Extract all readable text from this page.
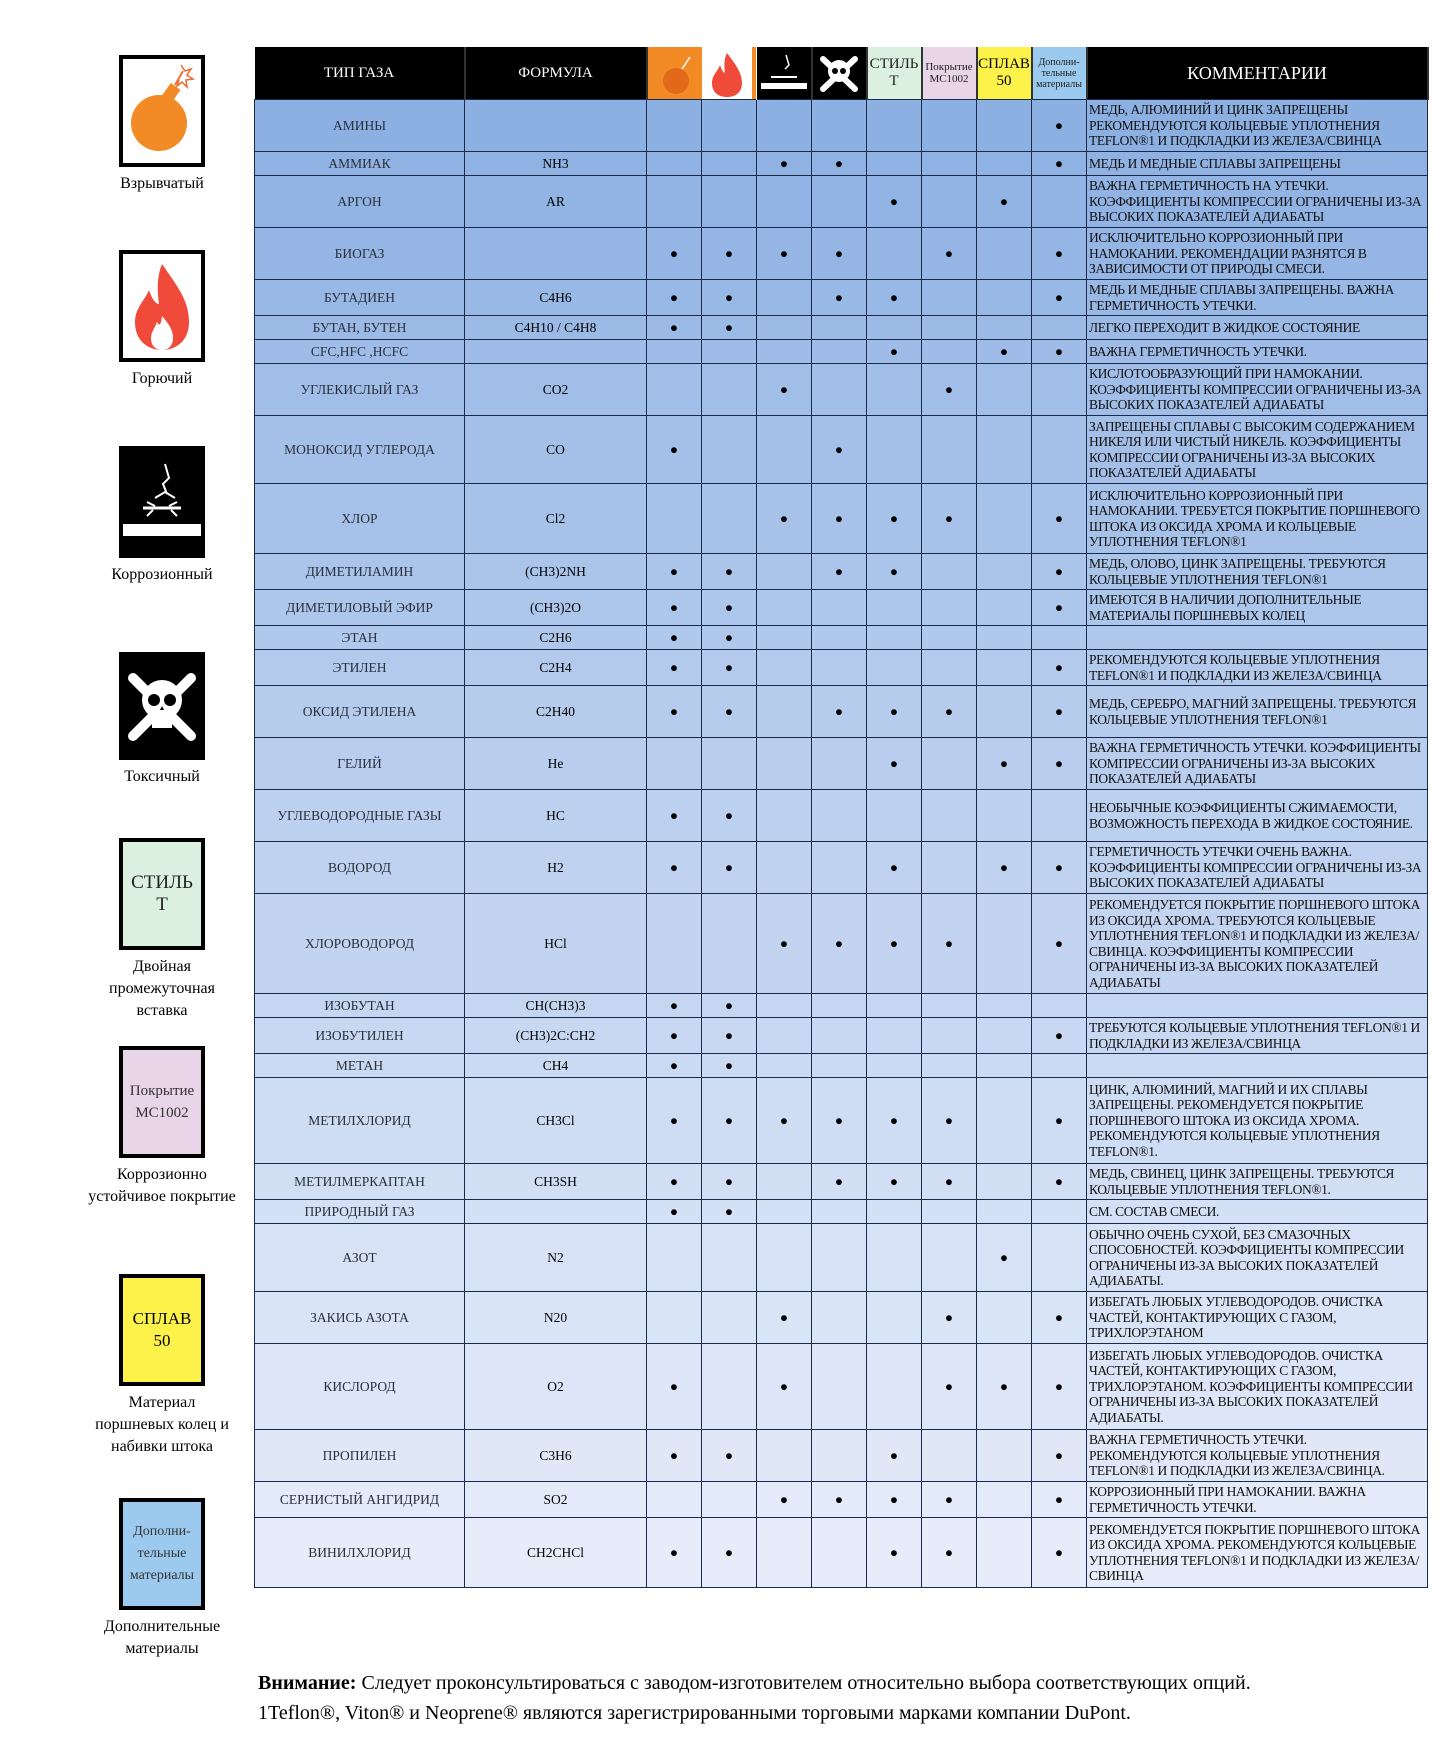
Взрывчатый
Горючий
Коррозионный
Токсичный
СТИЛЬ Т
Двойная промежуточная вставка
Покрытие МС1002
Коррозионно устойчивое покрытие
СПЛАВ 50
Материал поршневых колец и набивки штока
Дополни-тельные материалы
Дополнительные материалы
ТИП ГАЗА	ФОРМУЛА					СТИЛЬ Т	Покрытие МС1002	СПЛАВ 50	Дополни-тельные материалы	КОММЕНТАРИИ
АМИНЫ									●	МЕДЬ, АЛЮМИНИЙ И ЦИНК ЗАПРЕЩЕНЫ РЕКОМЕНДУЮТСЯ КОЛЬЦЕВЫЕ УПЛОТНЕНИЯ TEFLON®1 И ПОДКЛАДКИ ИЗ ЖЕЛЕЗА/СВИНЦА
АММИАК	NH3			●	●				●	МЕДЬ И МЕДНЫЕ СПЛАВЫ ЗАПРЕЩЕНЫ
АРГОН	AR					●		●		ВАЖНА ГЕРМЕТИЧНОСТЬ НА УТЕЧКИ. КОЭФФИЦИЕНТЫ КОМПРЕССИИ ОГРАНИЧЕНЫ ИЗ-ЗА ВЫСОКИХ ПОКАЗАТЕЛЕЙ АДИАБАТЫ
БИОГАЗ		●	●	●	●		●		●	ИСКЛЮЧИТЕЛЬНО КОРРОЗИОННЫЙ ПРИ НАМОКАНИИ. РЕКОМЕНДАЦИИ РАЗНЯТСЯ В ЗАВИСИМОСТИ ОТ ПРИРОДЫ СМЕСИ.
БУТАДИЕН	C4H6	●	●		●	●			●	МЕДЬ И МЕДНЫЕ СПЛАВЫ ЗАПРЕЩЕНЫ. ВАЖНА ГЕРМЕТИЧНОСТЬ УТЕЧКИ.
БУТАН, БУТЕН	C4H10 / C4H8	●	●							ЛЕГКО ПЕРЕХОДИТ В ЖИДКОЕ СОСТОЯНИЕ
CFC,HFC ,HCFC						●		●	●	ВАЖНА ГЕРМЕТИЧНОСТЬ УТЕЧКИ.
УГЛЕКИСЛЫЙ ГАЗ	CO2			●			●			КИСЛОТООБРАЗУЮЩИЙ ПРИ НАМОКАНИИ. КОЭФФИЦИЕНТЫ КОМПРЕССИИ ОГРАНИЧЕНЫ ИЗ-ЗА ВЫСОКИХ ПОКАЗАТЕЛЕЙ АДИАБАТЫ
МОНОКСИД УГЛЕРОДА	CO	●			●					ЗАПРЕЩЕНЫ СПЛАВЫ С ВЫСОКИМ СОДЕРЖАНИЕМ НИКЕЛЯ ИЛИ ЧИСТЫЙ НИКЕЛЬ. КОЭФФИЦИЕНТЫ КОМПРЕССИИ ОГРАНИЧЕНЫ ИЗ-ЗА ВЫСОКИХ ПОКАЗАТЕЛЕЙ АДИАБАТЫ
ХЛОР	Cl2			●	●	●	●		●	ИСКЛЮЧИТЕЛЬНО КОРРОЗИОННЫЙ ПРИ НАМОКАНИИ. ТРЕБУЕТСЯ ПОКРЫТИЕ ПОРШНЕВОГО ШТОКА ИЗ ОКСИДА ХРОМА И КОЛЬЦЕВЫЕ УПЛОТНЕНИЯ TEFLON®1
ДИМЕТИЛАМИН	(CH3)2NH	●	●		●	●			●	МЕДЬ, ОЛОВО, ЦИНК ЗАПРЕЩЕНЫ. ТРЕБУЮТСЯ КОЛЬЦЕВЫЕ УПЛОТНЕНИЯ TEFLON®1
ДИМЕТИЛОВЫЙ ЭФИР	(CH3)2O	●	●						●	ИМЕЮТСЯ В НАЛИЧИИ ДОПОЛНИТЕЛЬНЫЕ МАТЕРИАЛЫ ПОРШНЕВЫХ КОЛЕЦ
ЭТАН	C2H6	●	●							
ЭТИЛЕН	C2H4	●	●						●	РЕКОМЕНДУЮТСЯ КОЛЬЦЕВЫЕ УПЛОТНЕНИЯ TEFLON®1 И ПОДКЛАДКИ ИЗ ЖЕЛЕЗА/СВИНЦА
ОКСИД ЭТИЛЕНА	C2H40	●	●		●	●	●		●	МЕДЬ, СЕРЕБРО, МАГНИЙ ЗАПРЕЩЕНЫ. ТРЕБУЮТСЯ КОЛЬЦЕВЫЕ УПЛОТНЕНИЯ TEFLON®1
ГЕЛИЙ	He					●		●	●	ВАЖНА ГЕРМЕТИЧНОСТЬ УТЕЧКИ. КОЭФФИЦИЕНТЫ КОМПРЕССИИ ОГРАНИЧЕНЫ ИЗ-ЗА ВЫСОКИХ ПОКАЗАТЕЛЕЙ АДИАБАТЫ
УГЛЕВОДОРОДНЫЕ ГАЗЫ	HC	●	●							НЕОБЫЧНЫЕ КОЭФФИЦИЕНТЫ СЖИМАЕМОСТИ, ВОЗМОЖНОСТЬ ПЕРЕХОДА В ЖИДКОЕ СОСТОЯНИЕ.
ВОДОРОД	H2	●	●			●		●	●	ГЕРМЕТИЧНОСТЬ УТЕЧКИ ОЧЕНЬ ВАЖНА. КОЭФФИЦИЕНТЫ КОМПРЕССИИ ОГРАНИЧЕНЫ ИЗ-ЗА ВЫСОКИХ ПОКАЗАТЕЛЕЙ АДИАБАТЫ
ХЛОРОВОДОРОД	HCl			●	●	●	●		●	РЕКОМЕНДУЕТСЯ ПОКРЫТИЕ ПОРШНЕВОГО ШТОКА ИЗ ОКСИДА ХРОМА. ТРЕБУЮТСЯ КОЛЬЦЕВЫЕ УПЛОТНЕНИЯ TEFLON®1 И ПОДКЛАДКИ ИЗ ЖЕЛЕЗА/СВИНЦА. КОЭФФИЦИЕНТЫ КОМПРЕССИИ ОГРАНИЧЕНЫ ИЗ-ЗА ВЫСОКИХ ПОКАЗАТЕЛЕЙ АДИАБАТЫ
ИЗОБУТАН	CH(CH3)3	●	●							
ИЗОБУТИЛЕН	(CH3)2C:CH2	●	●						●	ТРЕБУЮТСЯ КОЛЬЦЕВЫЕ УПЛОТНЕНИЯ TEFLON®1 И ПОДКЛАДКИ ИЗ ЖЕЛЕЗА/СВИНЦА
МЕТАН	CH4	●	●							
МЕТИЛХЛОРИД	CH3Cl	●	●	●	●	●	●		●	ЦИНК, АЛЮМИНИЙ, МАГНИЙ И ИХ СПЛАВЫ ЗАПРЕЩЕНЫ. РЕКОМЕНДУЕТСЯ ПОКРЫТИЕ ПОРШНЕВОГО ШТОКА ИЗ ОКСИДА ХРОМА. РЕКОМЕНДУЮТСЯ КОЛЬЦЕВЫЕ УПЛОТНЕНИЯ TEFLON®1.
МЕТИЛМЕРКАПТАН	CH3SH	●	●		●	●	●		●	МЕДЬ, СВИНЕЦ, ЦИНК ЗАПРЕЩЕНЫ. ТРЕБУЮТСЯ КОЛЬЦЕВЫЕ УПЛОТНЕНИЯ TEFLON®1.
ПРИРОДНЫЙ ГАЗ		●	●							СМ. СОСТАВ СМЕСИ.
АЗОТ	N2							●		ОБЫЧНО ОЧЕНЬ СУХОЙ, БЕЗ СМАЗОЧНЫХ СПОСОБНОСТЕЙ. КОЭФФИЦИЕНТЫ КОМПРЕССИИ ОГРАНИЧЕНЫ ИЗ-ЗА ВЫСОКИХ ПОКАЗАТЕЛЕЙ АДИАБАТЫ.
ЗАКИСЬ АЗОТА	N20			●			●		●	ИЗБЕГАТЬ ЛЮБЫХ УГЛЕВОДОРОДОВ. ОЧИСТКА ЧАСТЕЙ, КОНТАКТИРУЮЩИХ С ГАЗОМ, ТРИХЛОРЭТАНОМ
КИСЛОРОД	O2	●		●			●	●	●	ИЗБЕГАТЬ ЛЮБЫХ УГЛЕВОДОРОДОВ. ОЧИСТКА ЧАСТЕЙ, КОНТАКТИРУЮЩИХ С ГАЗОМ, ТРИХЛОРЭТАНОМ. КОЭФФИЦИЕНТЫ КОМПРЕССИИ ОГРАНИЧЕНЫ ИЗ-ЗА ВЫСОКИХ ПОКАЗАТЕЛЕЙ АДИАБАТЫ.
ПРОПИЛЕН	C3H6	●	●			●			●	ВАЖНА ГЕРМЕТИЧНОСТЬ УТЕЧКИ. РЕКОМЕНДУЮТСЯ КОЛЬЦЕВЫЕ УПЛОТНЕНИЯ TEFLON®1 И ПОДКЛАДКИ ИЗ ЖЕЛЕЗА/СВИНЦА.
СЕРНИСТЫЙ АНГИДРИД	SO2			●	●	●	●		●	КОРРОЗИОННЫЙ ПРИ НАМОКАНИИ. ВАЖНА ГЕРМЕТИЧНОСТЬ УТЕЧКИ.
ВИНИЛХЛОРИД	CH2CHCl	●	●			●	●		●	РЕКОМЕНДУЕТСЯ ПОКРЫТИЕ ПОРШНЕВОГО ШТОКА ИЗ ОКСИДА ХРОМА. РЕКОМЕНДУЮТСЯ КОЛЬЦЕВЫЕ УПЛОТНЕНИЯ TEFLON®1 И ПОДКЛАДКИ ИЗ ЖЕЛЕЗА/СВИНЦА
Внимание: Следует проконсультироваться с заводом-изготовителем относительно выбора соответствующих опций.
1Teflon®, Viton® и Neoprene® являются зарегистрированными торговыми марками компании DuPont.
